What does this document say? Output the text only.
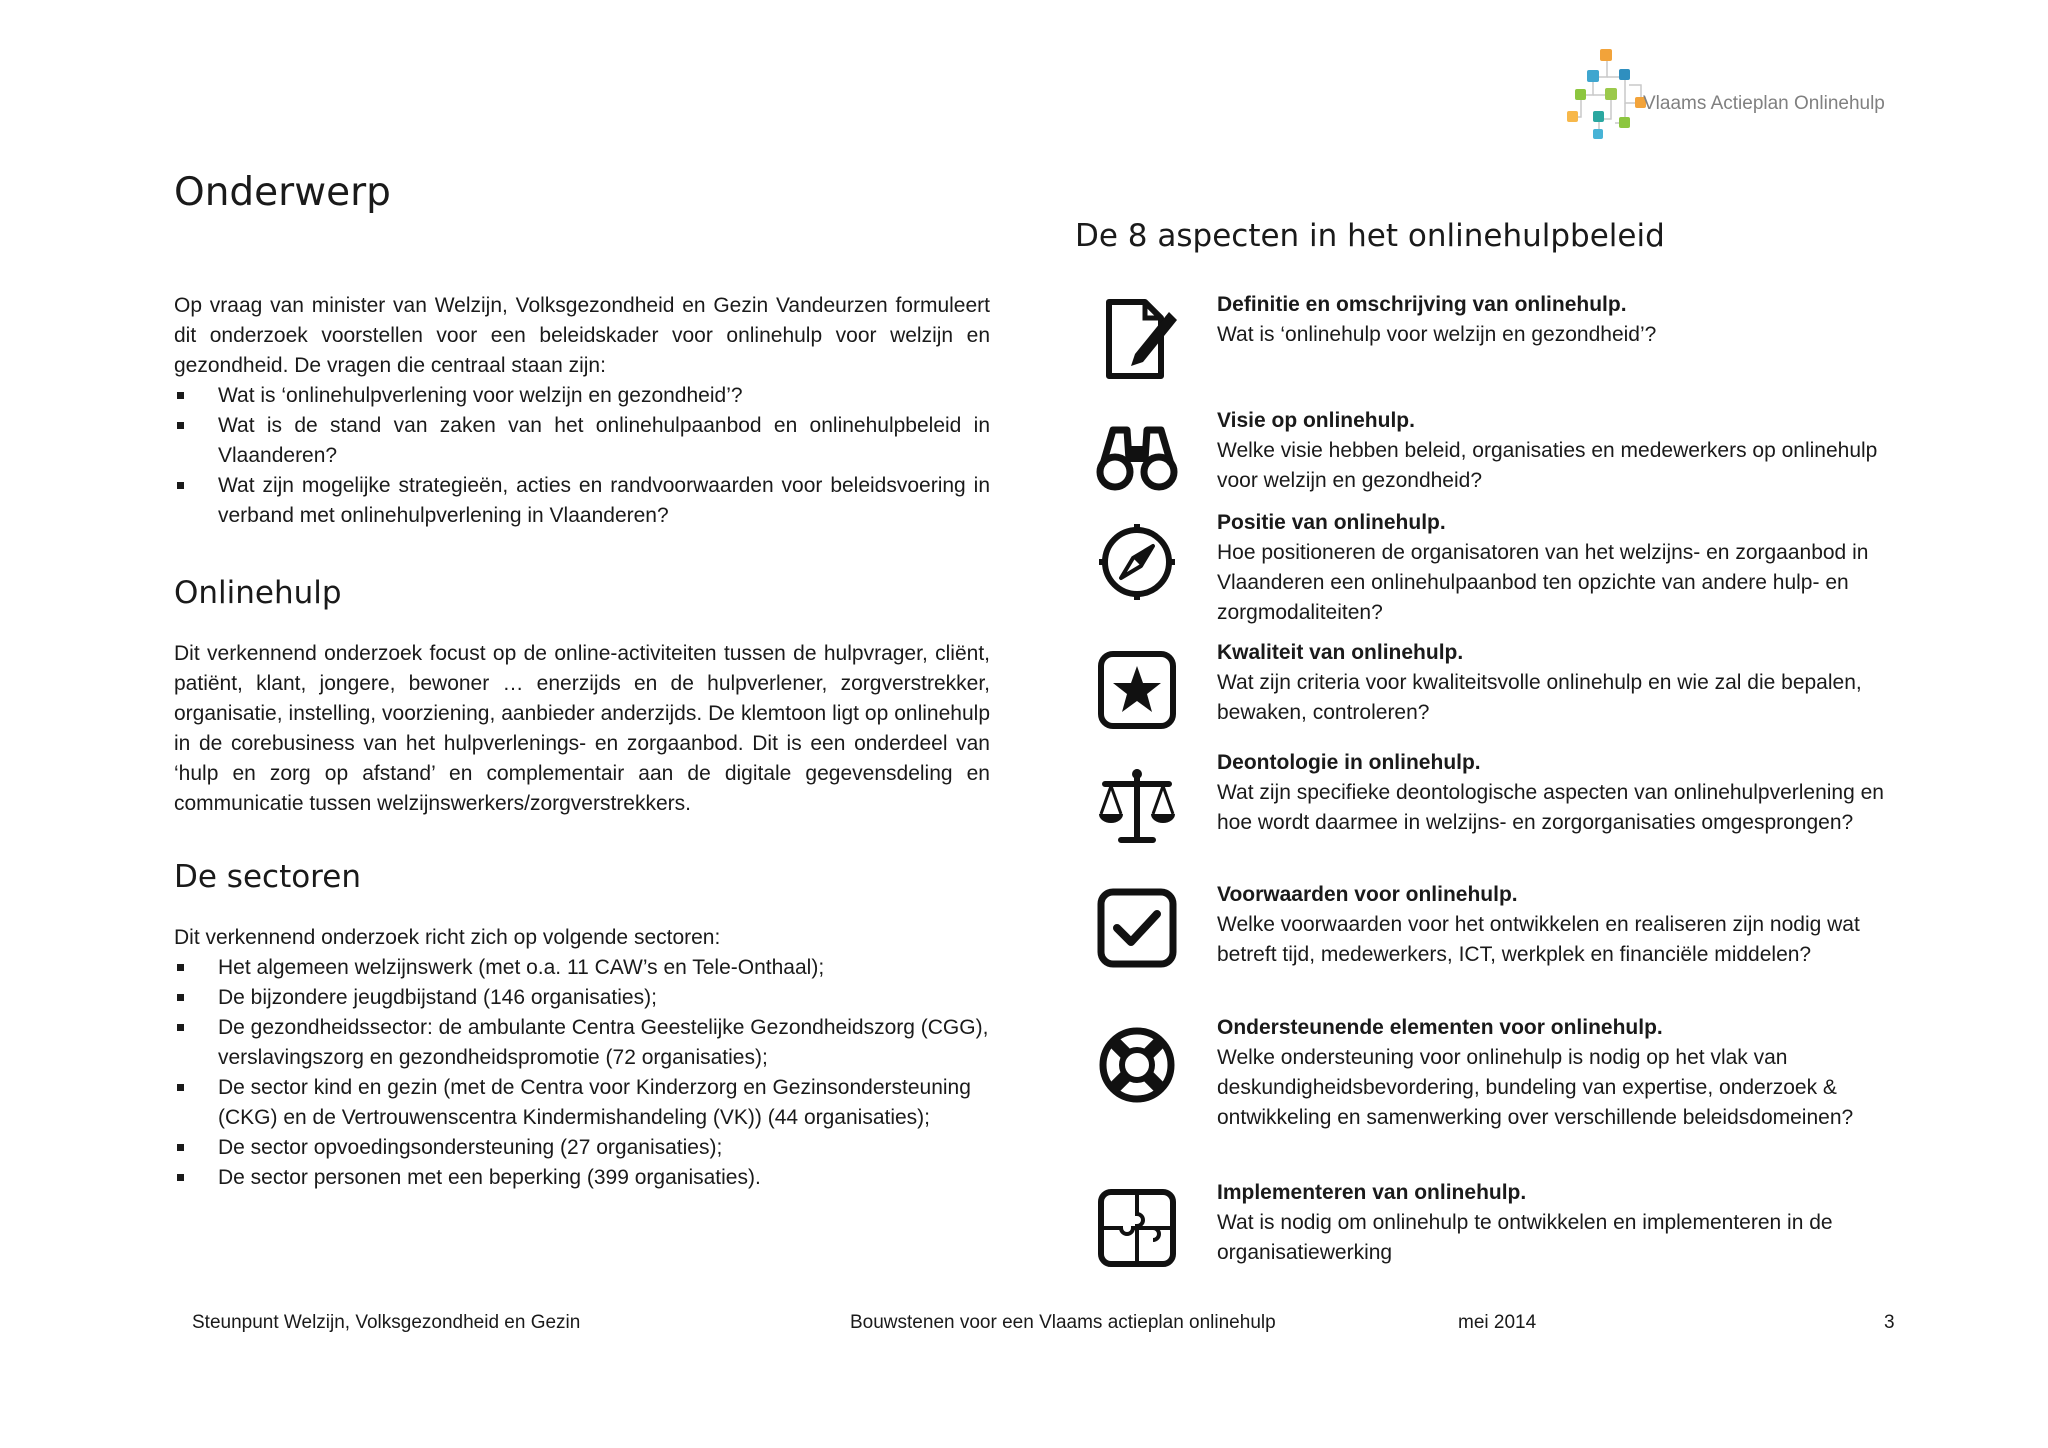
Vlaams Actieplan Onlinehulp
Onderwerp

Op vraag van minister van Welzijn, Volksgezondheid en Gezin Vandeurzen formuleert dit onderzoek voorstellen voor een beleidskader voor onlinehulp voor welzijn en gezondheid. De vragen die centraal staan zijn:

Wat is ‘onlinehulpverlening voor welzijn en gezondheid’?
Wat is de stand van zaken van het onlinehulpaanbod en onlinehulpbeleid in Vlaanderen?
Wat zijn mogelijke strategieën, acties en randvoorwaarden voor beleidsvoering in verband met onlinehulpverlening in Vlaanderen?
Onlinehulp

Dit verkennend onderzoek focust op de online-activiteiten tussen de hulpvrager, cliënt, patiënt, klant, jongere, bewoner … enerzijds en de hulpverlener, zorgverstrekker, organisatie, instelling, voorziening, aanbieder anderzijds. De klemtoon ligt op onlinehulp in de corebusiness van het hulpverlenings- en zorgaanbod. Dit is een onderdeel van ‘hulp en zorg op afstand’ en complementair aan de digitale gegevensdeling en communicatie tussen welzijnswerkers/zorgverstrekkers.

De sectoren

Dit verkennend onderzoek richt zich op volgende sectoren:

Het algemeen welzijnswerk (met o.a. 11 CAW’s en Tele-Onthaal);
De bijzondere jeugdbijstand (146 organisaties);
De gezondheidssector: de ambulante Centra Geestelijke Gezondheidszorg (CGG), verslavingszorg en gezondheidspromotie (72 organisaties);
De sector kind en gezin (met de Centra voor Kinderzorg en Gezinsondersteuning (CKG) en de Vertrouwenscentra Kindermishandeling (VK)) (44 organisaties);
De sector opvoedingsondersteuning (27 organisaties);
De sector personen met een beperking (399 organisaties).
De 8 aspecten in het onlinehulpbeleid
Definitie en omschrijving van onlinehulp.
Wat is ‘onlinehulp voor welzijn en gezondheid’?
Visie op onlinehulp.
Welke visie hebben beleid, organisaties en medewerkers op onlinehulp voor welzijn en gezondheid?
Positie van onlinehulp.
Hoe positioneren de organisatoren van het welzijns- en zorgaanbod in Vlaanderen een onlinehulpaanbod ten opzichte van andere hulp- en zorgmodaliteiten?
Kwaliteit van onlinehulp.
Wat zijn criteria voor kwaliteitsvolle onlinehulp en wie zal die bepalen, bewaken, controleren?
Deontologie in onlinehulp.
Wat zijn specifieke deontologische aspecten van onlinehulpverlening en hoe wordt daarmee in welzijns- en zorgorganisaties omgesprongen?
Voorwaarden voor onlinehulp.
Welke voorwaarden voor het ontwikkelen en realiseren zijn nodig wat betreft tijd, medewerkers, ICT, werkplek en financiële middelen?
Ondersteunende elementen voor onlinehulp.
Welke ondersteuning voor onlinehulp is nodig op het vlak van deskundigheidsbevordering, bundeling van expertise, onderzoek & ontwikkeling en samenwerking over verschillende beleidsdomeinen?
Implementeren van onlinehulp.
Wat is nodig om onlinehulp te ontwikkelen en implementeren in de organisatiewerking
Steunpunt Welzijn, Volksgezondheid en Gezin	Bouwstenen voor een Vlaams actieplan onlinehulp	mei 2014	3
